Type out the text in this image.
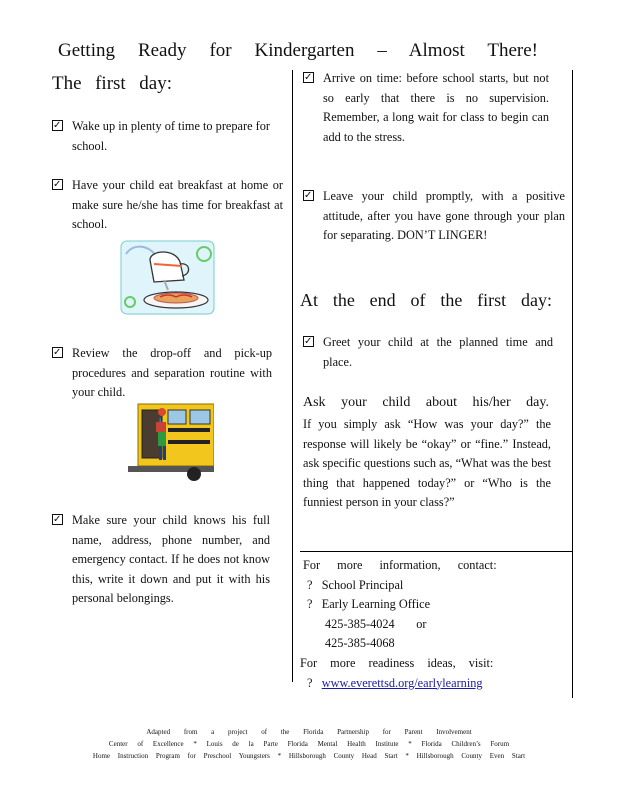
Getting Ready for Kindergarten – Almost There!
The first day:
✓ Wake up in plenty of time to prepare for school.
✓ Have your child eat breakfast at home or make sure he/she has time for breakfast at school.
✓ Review the drop-off and pick-up procedures and separation routine with your child.
✓ Make sure your child knows his full name, address, phone number, and emergency contact. If he does not know this, write it down and put it with his personal belongings.
✓ Arrive on time: before school starts, but not so early that there is no supervision. Remember, a long wait for class to begin can add to the stress.
✓ Leave your child promptly, with a positive attitude, after you have gone through your plan for separating. DON’T LINGER!
At the end of the first day:
✓ Greet your child at the planned time and place.
Ask your child about his/her day.
If you simply ask “How was your day?” the response will likely be “okay” or “fine.” Instead, ask specific questions such as, “What was the best thing that happened today?” or “Who is the funniest person in your class?”
For more information, contact:
? School Principal
? Early Learning Office
425-385-4024 or
425-385-4068
For more readiness ideas, visit:
? www.everettsd.org/earlylearning
Adapted from a project of the Florida Partnership for Parent Involvement
Center of Excellence * Louis de la Parte Florida Mental Health Institute * Florida Children’s Forum
Home Instruction Program for Preschool Youngsters * Hillsborough County Head Start * Hillsborough County Even Start
